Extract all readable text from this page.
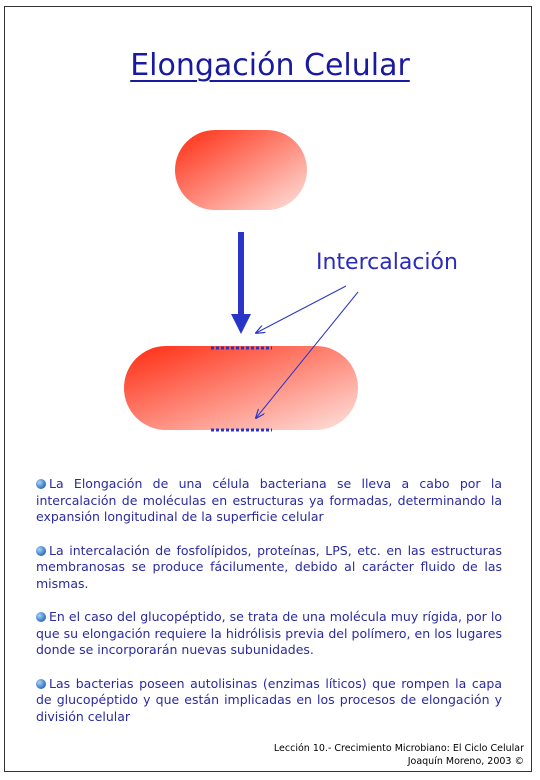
Elongación Celular
Intercalación

La Elongación de una célula bacteriana se lleva a cabo por la intercalación de moléculas en estructuras ya formadas, determinando la expansión longitudinal de la superficie celular

La intercalación de fosfolípidos, proteínas, LPS, etc. en las estructuras membranosas se produce fácilumente, debido al carácter fluido de las mismas.

En el caso del glucopéptido, se trata de una molécula muy rígida, por lo que su elongación requiere la hidrólisis previa del polímero, en los lugares donde se incorporarán nuevas subunidades.

Las bacterias poseen autolisinas (enzimas líticos) que rompen la capa de glucopéptido y que están implicadas en los procesos de elongación y división celular

Lección 10.- Crecimiento Microbiano: El Ciclo Celular
Joaquín Moreno, 2003 ©
